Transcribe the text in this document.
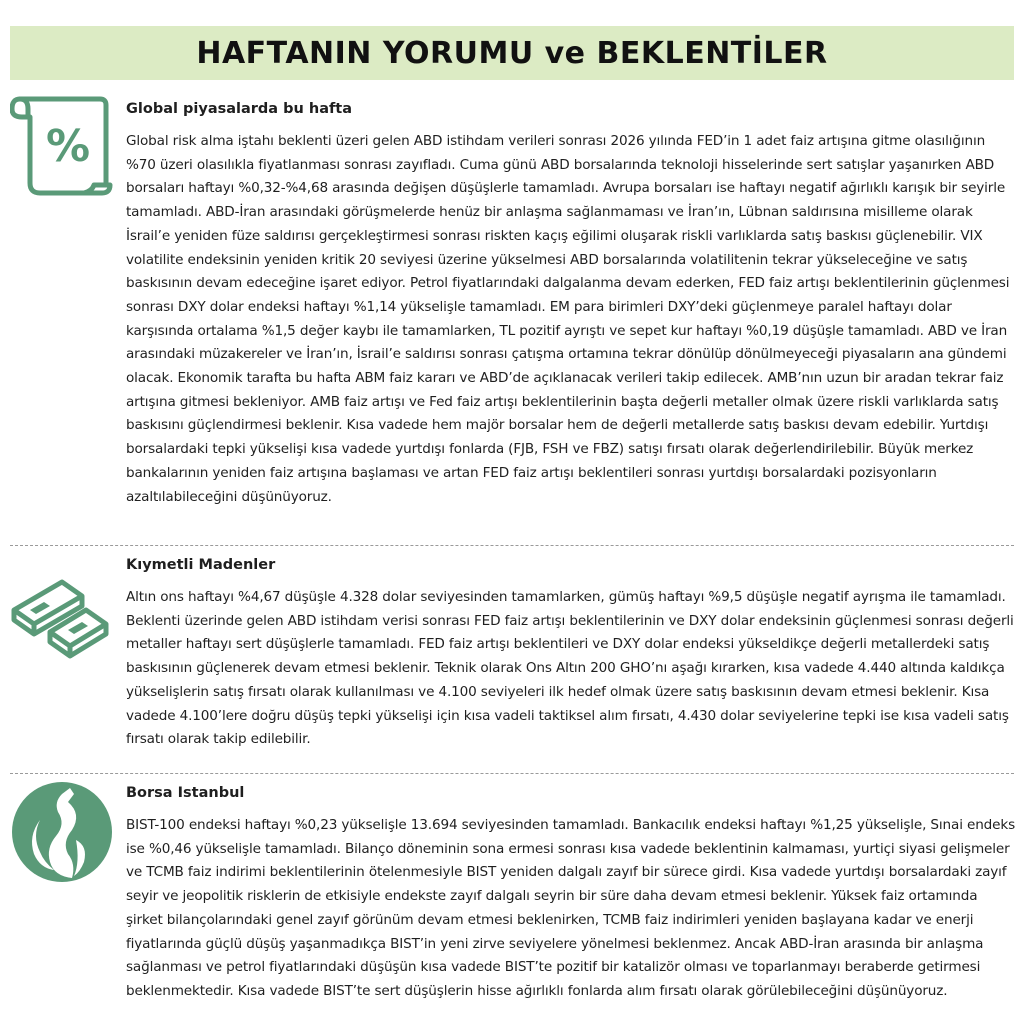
HAFTANIN YORUMU ve BEKLENTİLER
%

Global piyasalarda bu hafta

Global risk alma iştahı beklenti üzeri gelen ABD istihdam verileri sonrası 2026 yılında FED’in 1 adet faiz artışına gitme olasılığının %70 üzeri olasılıkla fiyatlanması sonrası zayıfladı. Cuma günü ABD borsalarında teknoloji hisselerinde sert satışlar yaşanırken ABD borsaları haftayı %0,32-%4,68 arasında değişen düşüşlerle tamamladı. Avrupa borsaları ise haftayı negatif ağırlıklı karışık bir seyirle tamamladı. ABD-İran arasındaki görüşmelerde henüz bir anlaşma sağlanmaması ve İran’ın, Lübnan saldırısına misilleme olarak İsrail’e yeniden füze saldırısı gerçekleştirmesi sonrası riskten kaçış eğilimi oluşarak riskli varlıklarda satış baskısı güçlenebilir. VIX volatilite endeksinin yeniden kritik 20 seviyesi üzerine yükselmesi ABD borsalarında volatilitenin tekrar yükseleceğine ve satış baskısının devam edeceğine işaret ediyor. Petrol fiyatlarındaki dalgalanma devam ederken, FED faiz artışı beklentilerinin güçlenmesi sonrası DXY dolar endeksi haftayı %1,14 yükselişle tamamladı. EM para birimleri DXY’deki güçlenmeye paralel haftayı dolar karşısında ortalama %1,5 değer kaybı ile tamamlarken, TL pozitif ayrıştı ve sepet kur haftayı %0,19 düşüşle tamamladı. ABD ve İran arasındaki müzakereler ve İran’ın, İsrail’e saldırısı sonrası çatışma ortamına tekrar dönülüp dönülmeyeceği piyasaların ana gündemi olacak. Ekonomik tarafta bu hafta ABM faiz kararı ve ABD’de açıklanacak verileri takip edilecek. AMB’nın uzun bir aradan tekrar faiz artışına gitmesi bekleniyor. AMB faiz artışı ve Fed faiz artışı beklentilerinin başta değerli metaller olmak üzere riskli varlıklarda satış baskısını güçlendirmesi beklenir. Kısa vadede hem majör borsalar hem de değerli metallerde satış baskısı devam edebilir. Yurtdışı borsalardaki tepki yükselişi kısa vadede yurtdışı fonlarda (FJB, FSH ve FBZ) satışı fırsatı olarak değerlendirilebilir. Büyük merkez bankalarının yeniden faiz artışına başlaması ve artan FED faiz artışı beklentileri sonrası yurtdışı borsalardaki pozisyonların azaltılabileceğini düşünüyoruz.

Kıymetli Madenler

Altın ons haftayı %4,67 düşüşle 4.328 dolar seviyesinden tamamlarken, gümüş haftayı %9,5 düşüşle negatif ayrışma ile tamamladı. Beklenti üzerinde gelen ABD istihdam verisi sonrası FED faiz artışı beklentilerinin ve DXY dolar endeksinin güçlenmesi sonrası değerli metaller haftayı sert düşüşlerle tamamladı. FED faiz artışı beklentileri ve DXY dolar endeksi yükseldikçe değerli metallerdeki satış baskısının güçlenerek devam etmesi beklenir. Teknik olarak Ons Altın 200 GHO’nı aşağı kırarken, kısa vadede 4.440 altında kaldıkça yükselişlerin satış fırsatı olarak kullanılması ve 4.100 seviyeleri ilk hedef olmak üzere satış baskısının devam etmesi beklenir. Kısa vadede 4.100’lere doğru düşüş tepki yükselişi için kısa vadeli taktiksel alım fırsatı, 4.430 dolar seviyelerine tepki ise kısa vadeli satış fırsatı olarak takip edilebilir.

Borsa Istanbul

BIST-100 endeksi haftayı %0,23 yükselişle 13.694 seviyesinden tamamladı. Bankacılık endeksi haftayı %1,25 yükselişle, Sınai endeks ise %0,46 yükselişle tamamladı. Bilanço döneminin sona ermesi sonrası kısa vadede beklentinin kalmaması, yurtiçi siyasi gelişmeler ve TCMB faiz indirimi beklentilerinin ötelenmesiyle BIST yeniden dalgalı zayıf bir sürece girdi. Kısa vadede yurtdışı borsalardaki zayıf seyir ve jeopolitik risklerin de etkisiyle endekste zayıf dalgalı seyrin bir süre daha devam etmesi beklenir. Yüksek faiz ortamında şirket bilançolarındaki genel zayıf görünüm devam etmesi beklenirken, TCMB faiz indirimleri yeniden başlayana kadar ve enerji fiyatlarında güçlü düşüş yaşanmadıkça BIST’in yeni zirve seviyelere yönelmesi beklenmez. Ancak ABD-İran arasında bir anlaşma sağlanması ve petrol fiyatlarındaki düşüşün kısa vadede BIST’te pozitif bir katalizör olması ve toparlanmayı beraberde getirmesi beklenmektedir. Kısa vadede BIST’te sert düşüşlerin hisse ağırlıklı fonlarda alım fırsatı olarak görülebileceğini düşünüyoruz.
